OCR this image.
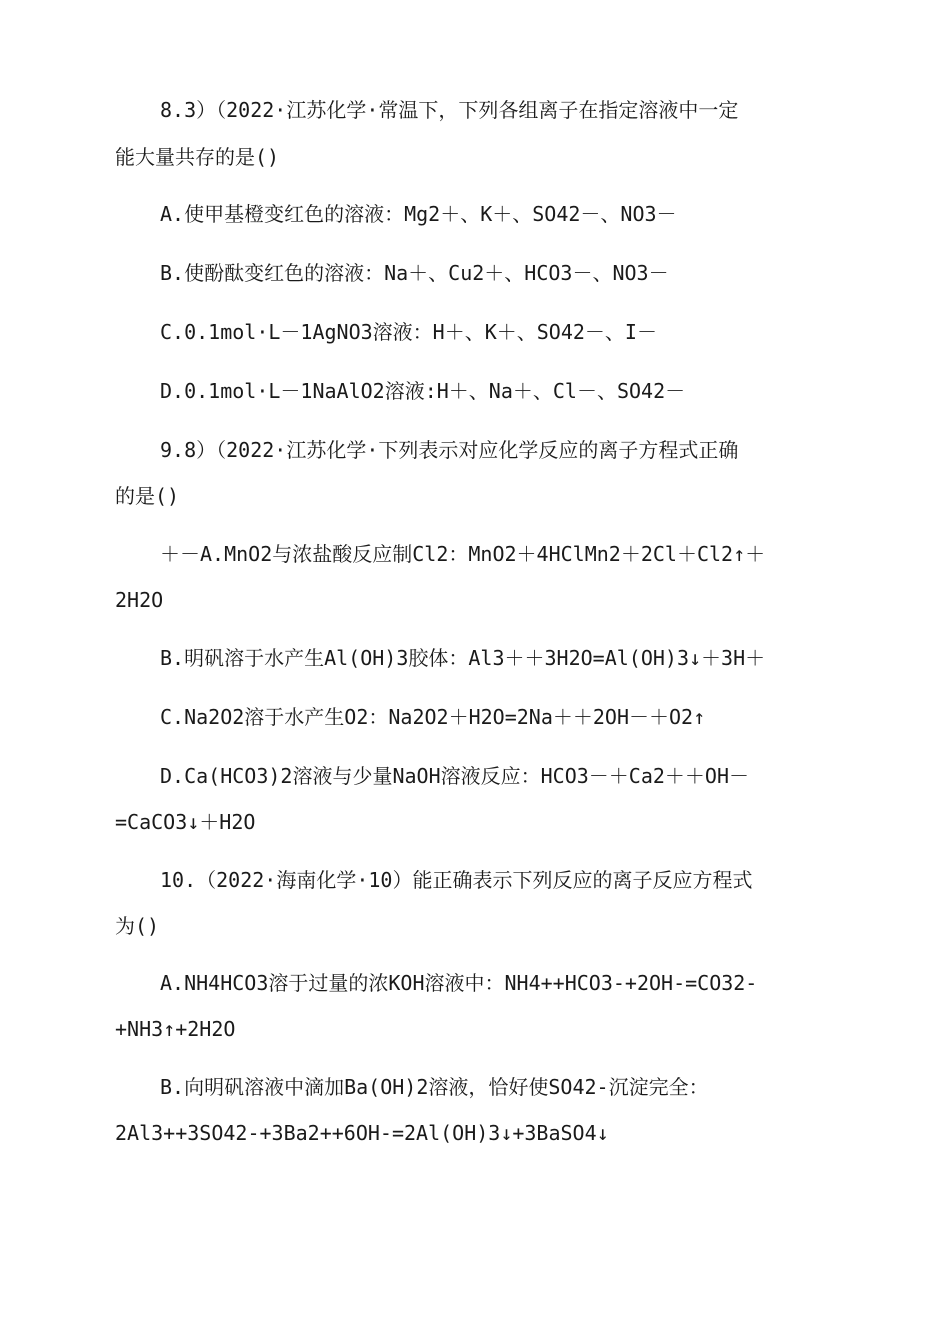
8.3）（2022·江苏化学·常温下，下列各组离子在指定溶液中一定
能大量共存的是()
A.使甲基橙变红色的溶液：Mg2＋、K＋、SO42－、NO3－
B.使酚酞变红色的溶液：Na＋、Cu2＋、HCO3－、NO3－
C.0.1mol·L－1AgNO3溶液：H＋、K＋、SO42－、I－
D.0.1mol·L－1NaAlO2溶液:H＋、Na＋、Cl－、SO42－
9.8）（2022·江苏化学·下列表示对应化学反应的离子方程式正确
的是()
＋－A.MnO2与浓盐酸反应制Cl2：MnO2＋4HClMn2＋2Cl＋Cl2↑＋
2H2O
B.明矾溶于水产生Al(OH)3胶体：Al3＋＋3H2O=Al(OH)3↓＋3H＋
C.Na2O2溶于水产生O2：Na2O2＋H2O=2Na＋＋2OH－＋O2↑
D.Ca(HCO3)2溶液与少量NaOH溶液反应：HCO3－＋Ca2＋＋OH－
=CaCO3↓＋H2O
10.（2022·海南化学·10）能正确表示下列反应的离子反应方程式
为()
A.NH4HCO3溶于过量的浓KOH溶液中：NH4++HCO3-+2OH-=CO32-
+NH3↑+2H2O
B.向明矾溶液中滴加Ba(OH)2溶液，恰好使SO42-沉淀完全：
2Al3++3SO42-+3Ba2++6OH-=2Al(OH)3↓+3BaSO4↓
